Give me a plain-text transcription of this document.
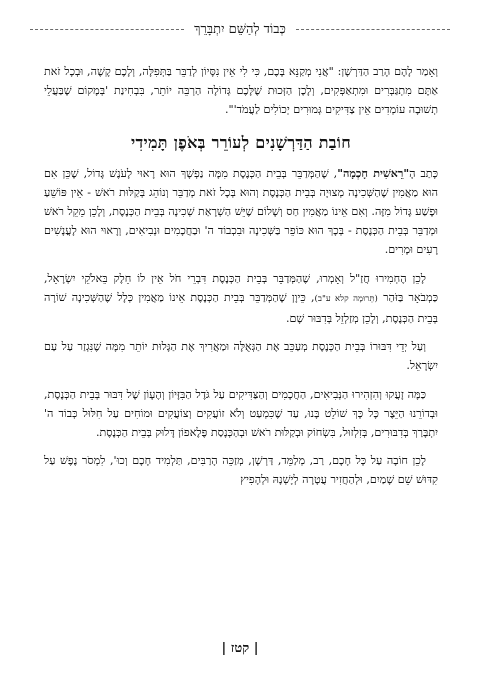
כְּבוֹד לְהַשֵּׁם יִתְבָּרֵךְ

וְאָמַר לָהֶם הָרַב הַדַּרְשָׁן: "אֲנִי מְקַנֵּא בָּכֶם, כִּי לִי אֵין נִסָּיוֹן לְדַבֵּר בַּתְּפִלָּה, וְלָכֶם קָשֶׁה, וּבְכָל זֹאת אַתֶּם מִתְגַּבְּרִים וּמִתְאַפְּקִים, וְלָכֶן הַזְּכוּת שֶׁלָּכֶם גְּדוֹלָה הַרְבֵּה יוֹתֵר, בִּבְחִינַת 'בְּמָקוֹם שֶׁבַּעֲלֵי תְשׁוּבָה עוֹמְדִים אֵין צַדִּיקִים גְּמוּרִים יְכוֹלִים לַעֲמֹד'".

חוֹבַת הַדַּרְשָׁנִים לְעוֹרֵר בְּאֹפֶן תָּמִידִי

כָּתַב הָ"רֵאשִׁית חָכְמָה", שֶׁהַמְּדַבֵּר בְּבֵית הַכְּנֶסֶת מִמָּה נַפְשָׁךְ הוּא רָאוּי לָעֹנֶשׁ גָּדוֹל, שֶׁכֵּן אִם הוּא מַאֲמִין שֶׁהַשְּׁכִינָה מְצוּיָה בְּבֵית הַכְּנֶסֶת וְהוּא בְּכָל זֹאת מְדַבֵּר וְנוֹהֵג בְּקַלּוּת רֹאשׁ - אֵין פּוֹשֵׁעַ וּפֶשַׁע גָּדוֹל מִזֶּה. וְאִם אֵינוֹ מַאֲמִין חַס וְשָׁלוֹם שֶׁיֵּשׁ הַשְׁרָאַת שְׁכִינָה בְּבֵית הַכְּנֶסֶת, וְלָכֵן מֵקֵל רֹאשׁ וּמְדַבֵּר בְּבֵית הַכְּנֶסֶת - בְּכָךְ הוּא כּוֹפֵר בַּשְּׁכִינָה וּבִכְבוֹד ה' וּבַחֲכָמִים וּנְבִיאִים, וְרָאוּי הוּא לָעֳנָשִׁים רָעִים וּמָרִים.

לָכֵן הֶחְמִירוּ חֲזַ"ל וְאָמְרוּ, שֶׁהַמְּדַבֵּר בְּבֵית הַכְּנֶסֶת דִּבְרֵי חֹל אֵין לוֹ חֵלֶק בֵּאלֹקֵי יִשְׂרָאֵל, כַּמְבֹאָר בַּזֹּהַר (תְּרוּמָה קלא ע"ב), כֵּיוָן שֶׁהַמְּדַבֵּר בְּבֵית הַכְּנֶסֶת אֵינוֹ מַאֲמִין כְּלָל שֶׁהַשְּׁכִינָה שׁוֹרָה בְּבֵית הַכְּנֶסֶת, וְלָכֵן מְזַלְזֵל בְּדִבּוּר שָׁם.

וְעַל יְדֵי דִּבּוּרוֹ בְּבֵית הַכְּנֶסֶת מְעַכֵּב אֶת הַגְּאֻלָּה וּמַאֲרִיךְ אֶת הַגָּלוּת יוֹתֵר מִמָּה שֶׁנִּגְזַר עַל עַם יִשְׂרָאֵל.

כַּמָּה זָעֲקוּ וְהִזְהִירוּ הַנְּבִיאִים, הַחֲכָמִים וְהַצַּדִּיקִים עַל גֹּדֶל הַבִּזָּיוֹן וְהֶעָוֹן שֶׁל דִּבּוּר בְּבֵית הַכְּנֶסֶת, וּבְדוֹרֵנוּ הַיֵּצֶר כָּל כָּךְ שׁוֹלֵט בָּנוּ, עַד שֶׁכִּמְעַט וְלֹא זוֹעֲקִים וְצוֹעֲקִים וּמוֹחִים עַל חִלּוּל כְּבוֹד ה' יִתְבָּרַךְ בְּדִבּוּרִים, בְּזִלְזוּל, בִּשְׂחוֹק וּבְקַלּוּת רֹאשׁ וּבְהַכְּנָסַת פֶּלֶאפוֹן דָּלוּק בְּבֵית הַכְּנֶסֶת.

לָכֵן חוֹבָה עַל כָּל חָכָם, רַב, מְלַמֵּד, דַּרְשָׁן, מְזַכֵּה הָרַבִּים, תַּלְמִיד חָכָם וְכוּ', לִמְסֹר נֶפֶשׁ עַל קִדּוּשׁ שֵׁם שָׁמַיִם, וּלְהַחֲזִיר עֲטָרָה לְיָשְׁנָהּ וּלְהָפִיץ

| קטז |
